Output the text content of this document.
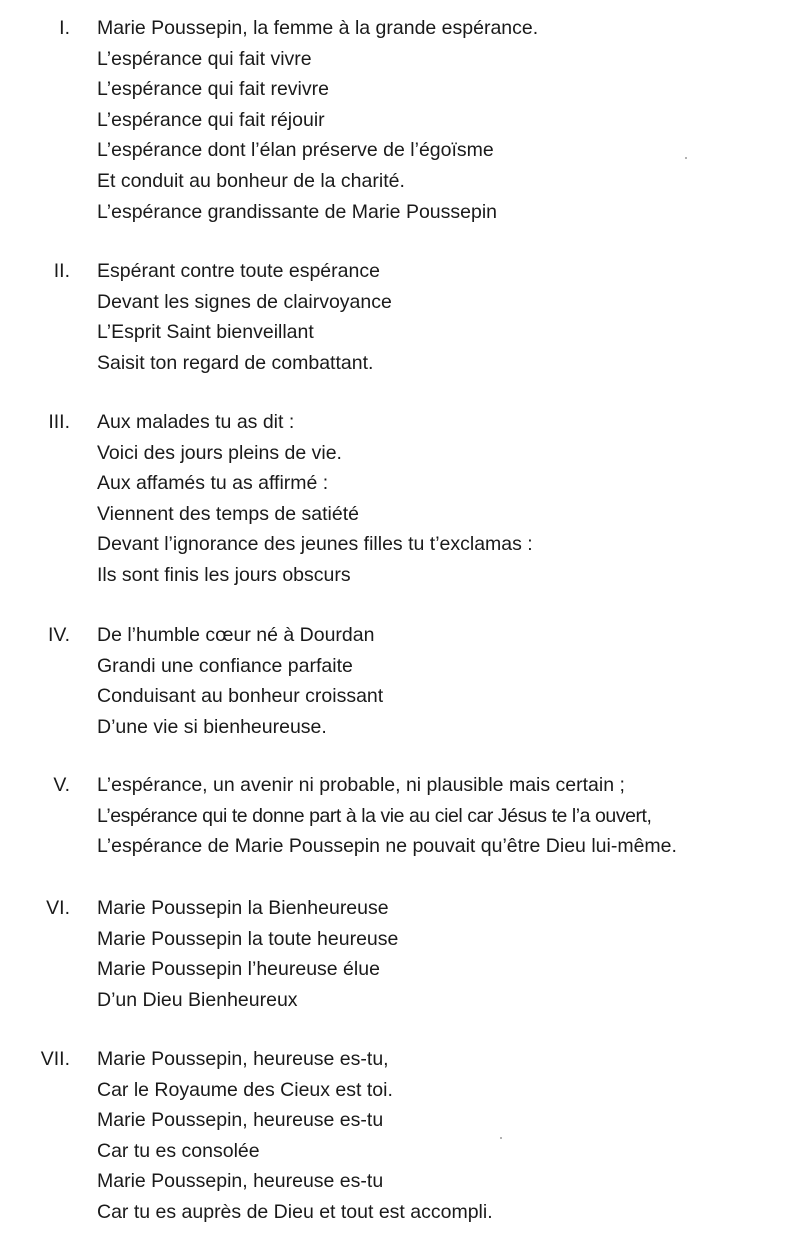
I. Marie Poussepin, la femme à la grande espérance.
L’espérance qui fait vivre
L’espérance qui fait revivre
L’espérance qui fait réjouir
L’espérance dont l’élan préserve de l’égoïsme
Et conduit au bonheur de la charité.
L’espérance grandissante de Marie Poussepin
II. Espérant contre toute espérance
Devant les signes de clairvoyance
L’Esprit Saint bienveillant
Saisit ton regard de combattant.
III. Aux malades tu as dit :
Voici des jours pleins de vie.
Aux affamés tu as affirmé :
Viennent des temps de satiété
Devant l’ignorance des jeunes filles tu t’exclamas :
Ils sont finis les jours obscurs
IV. De l’humble cœur né à Dourdan
Grandi une confiance parfaite
Conduisant au bonheur croissant
D’une vie si bienheureuse.
V. L’espérance, un avenir ni probable, ni plausible mais certain ;
L’espérance qui te donne part à la vie au ciel car Jésus te l’a ouvert,
L’espérance de Marie Poussepin ne pouvait qu’être Dieu lui-même.
VI. Marie Poussepin la Bienheureuse
Marie Poussepin la toute heureuse
Marie Poussepin l’heureuse élue
D’un Dieu Bienheureux
VII. Marie Poussepin, heureuse es-tu,
Car le Royaume des Cieux est toi.
Marie Poussepin, heureuse es-tu
Car tu es consolée
Marie Poussepin, heureuse es-tu
Car tu es auprès de Dieu et tout est accompli.
